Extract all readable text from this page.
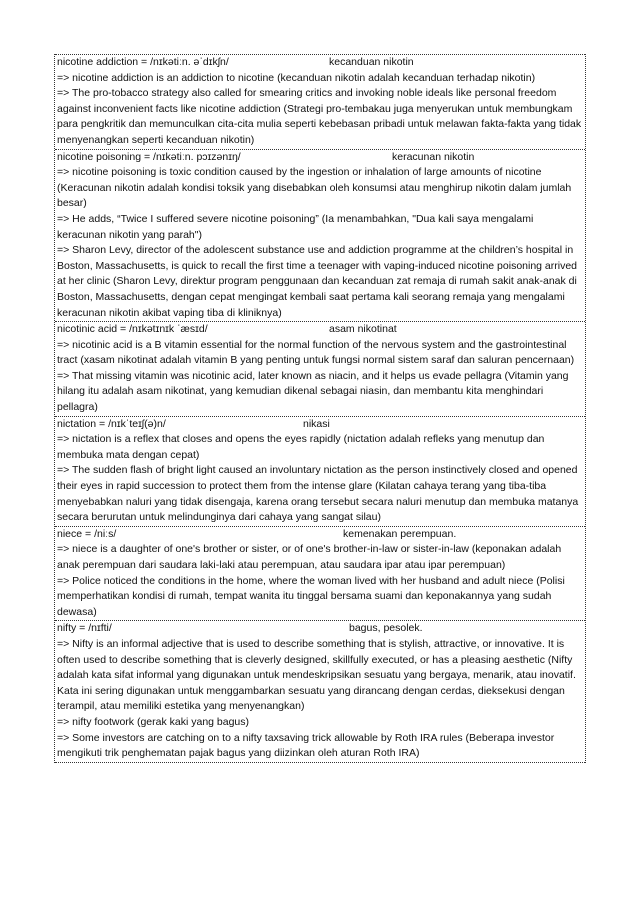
nicotine addiction = /nɪkətiːn. əˈdɪkʃn/	kecanduan nikotin

=> nicotine addiction is an addiction to nicotine (kecanduan nikotin adalah kecanduan terhadap nikotin)

=> The pro-tobacco strategy also called for smearing critics and invoking noble ideals like personal freedom against inconvenient facts like nicotine addiction (Strategi pro-tembakau juga menyerukan untuk membungkam para pengkritik dan memunculkan cita-cita mulia seperti kebebasan pribadi untuk melawan fakta-fakta yang tidak menyenangkan seperti kecanduan nikotin)

nicotine poisoning = /nɪkətiːn. pɔɪzənɪŋ/	keracunan nikotin

=> nicotine poisoning is toxic condition caused by the ingestion or inhalation of large amounts of nicotine (Keracunan nikotin adalah kondisi toksik yang disebabkan oleh konsumsi atau menghirup nikotin dalam jumlah besar)

=> He adds, “Twice I suffered severe nicotine poisoning” (Ia menambahkan, "Dua kali saya mengalami keracunan nikotin yang parah")

=> Sharon Levy, director of the adolescent substance use and addiction programme at the children’s hospital in Boston, Massachusetts, is quick to recall the first time a teenager with vaping-induced nicotine poisoning arrived at her clinic (Sharon Levy, direktur program penggunaan dan kecanduan zat remaja di rumah sakit anak-anak di Boston, Massachusetts, dengan cepat mengingat kembali saat pertama kali seorang remaja yang mengalami keracunan nikotin akibat vaping tiba di kliniknya)

nicotinic acid = /nɪkətɪnɪk ˈæsɪd/	asam nikotinat

=> nicotinic acid is a B vitamin essential for the normal function of the nervous system and the gastrointestinal tract (xasam nikotinat adalah vitamin B yang penting untuk fungsi normal sistem saraf dan saluran pencernaan)

=> That missing vitamin was nicotinic acid, later known as niacin, and it helps us evade pellagra (Vitamin yang hilang itu adalah asam nikotinat, yang kemudian dikenal sebagai niasin, dan membantu kita menghindari pellagra)

nictation = /nɪkˈteɪʃ(ə)n/	nikasi

=> nictation is a reflex that closes and opens the eyes rapidly (nictation adalah refleks yang menutup dan membuka mata dengan cepat)

=> The sudden flash of bright light caused an involuntary nictation as the person instinctively closed and opened their eyes in rapid succession to protect them from the intense glare (Kilatan cahaya terang yang tiba-tiba menyebabkan naluri yang tidak disengaja, karena orang tersebut secara naluri menutup dan membuka matanya secara berurutan untuk melindunginya dari cahaya yang sangat silau)

niece = /niːs/	kemenakan perempuan.

=> niece is a daughter of one's brother or sister, or of one's brother-in-law or sister-in-law (keponakan adalah anak perempuan dari saudara laki-laki atau perempuan, atau saudara ipar atau ipar perempuan)

=> Police noticed the conditions in the home, where the woman lived with her husband and adult niece (Polisi memperhatikan kondisi di rumah, tempat wanita itu tinggal bersama suami dan keponakannya yang sudah dewasa)

nifty = /nɪfti/	bagus, pesolek.

=> Nifty is an informal adjective that is used to describe something that is stylish, attractive, or innovative. It is often used to describe something that is cleverly designed, skillfully executed, or has a pleasing aesthetic (Nifty adalah kata sifat informal yang digunakan untuk mendeskripsikan sesuatu yang bergaya, menarik, atau inovatif. Kata ini sering digunakan untuk menggambarkan sesuatu yang dirancang dengan cerdas, dieksekusi dengan terampil, atau memiliki estetika yang menyenangkan)

=> nifty footwork (gerak kaki yang bagus)

=> Some investors are catching on to a nifty taxsaving trick allowable by Roth IRA rules (Beberapa investor mengikuti trik penghematan pajak bagus yang diizinkan oleh aturan Roth IRA)
